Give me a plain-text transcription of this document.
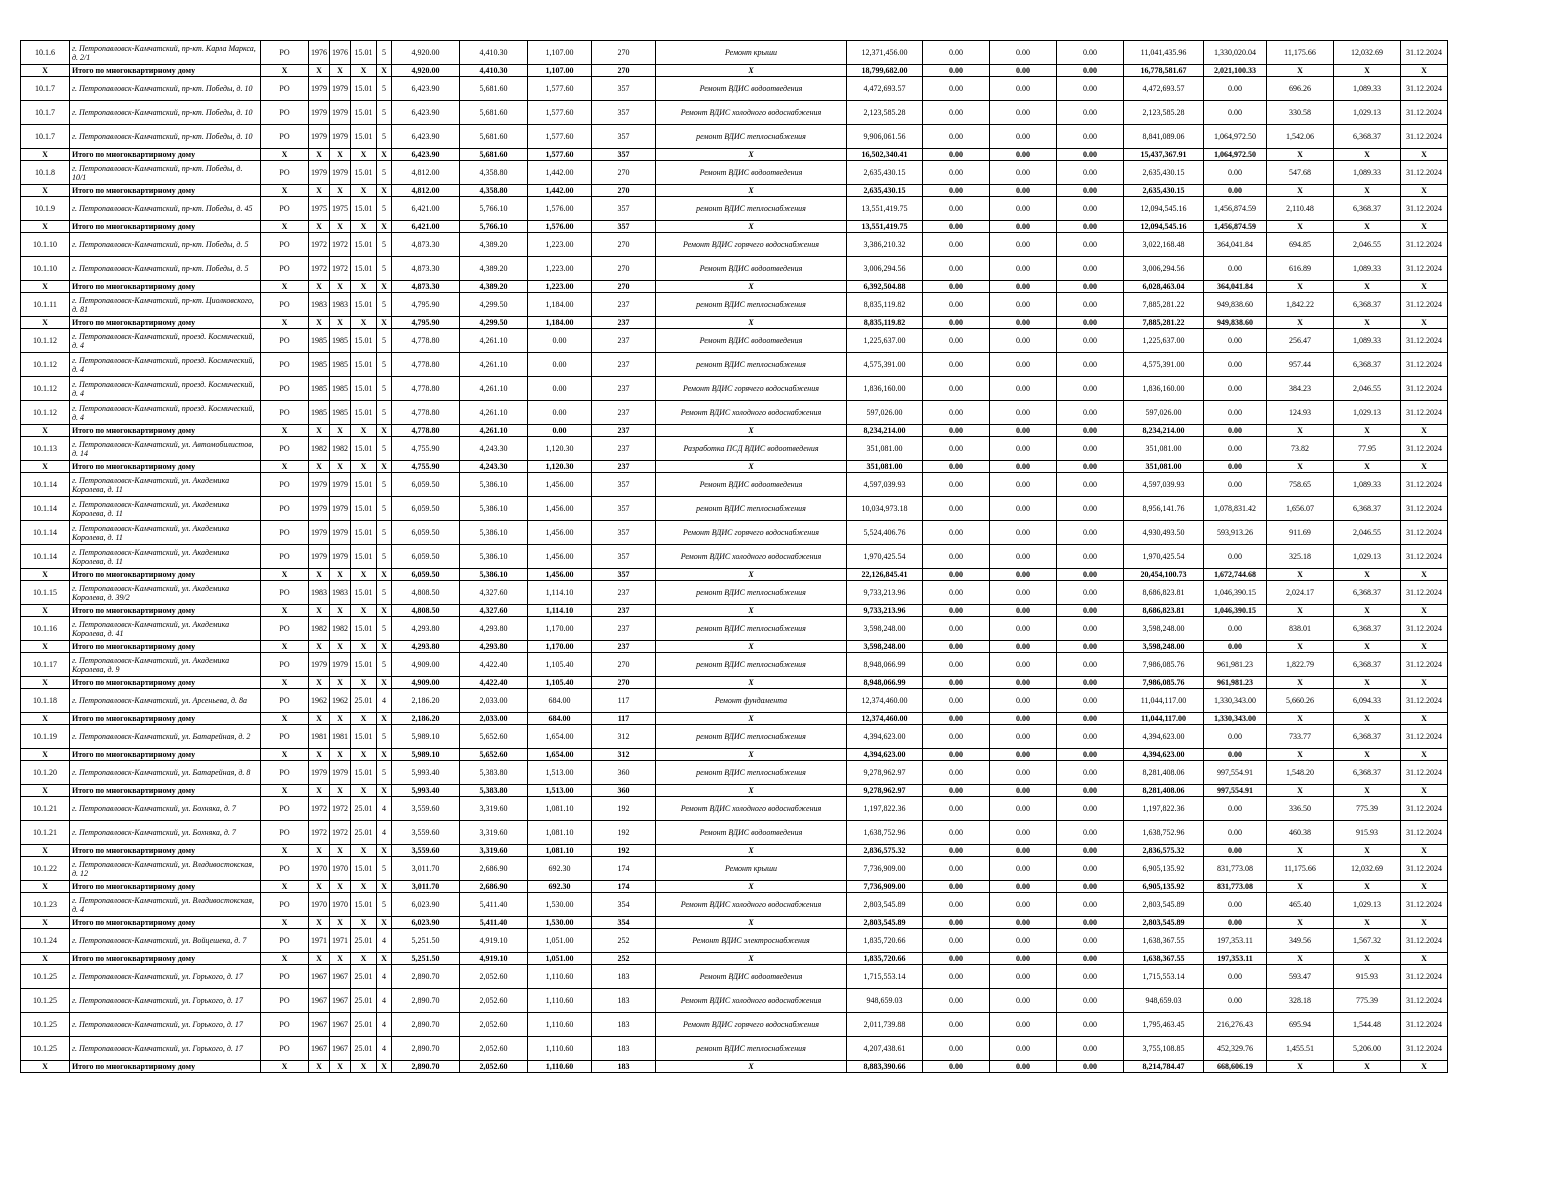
10.1.6	г. Петропавловск-Камчатский, пр-кт. Карла Маркса, д. 2/1	РО	1976	1976	15.01	5	4,920.00	4,410.30	1,107.00	270	Ремонт крыши	12,371,456.00	0.00	0.00	0.00	11,041,435.96	1,330,020.04	11,175.66	12,032.69	31.12.2024
X	Итого по многоквартирному дому	X	X	X	X	X	4,920.00	4,410.30	1,107.00	270	X	18,799,682.00	0.00	0.00	0.00	16,778,581.67	2,021,100.33	X	X	X
10.1.7	г. Петропавловск-Камчатский, пр-кт. Победы, д. 10	РО	1979	1979	15.01	5	6,423.90	5,681.60	1,577.60	357	Ремонт ВДИС водоотведения	4,472,693.57	0.00	0.00	0.00	4,472,693.57	0.00	696.26	1,089.33	31.12.2024
10.1.7	г. Петропавловск-Камчатский, пр-кт. Победы, д. 10	РО	1979	1979	15.01	5	6,423.90	5,681.60	1,577.60	357	Ремонт ВДИС холодного водоснабжения	2,123,585.28	0.00	0.00	0.00	2,123,585.28	0.00	330.58	1,029.13	31.12.2024
10.1.7	г. Петропавловск-Камчатский, пр-кт. Победы, д. 10	РО	1979	1979	15.01	5	6,423.90	5,681.60	1,577.60	357	ремонт ВДИС теплоснабжения	9,906,061.56	0.00	0.00	0.00	8,841,089.06	1,064,972.50	1,542.06	6,368.37	31.12.2024
X	Итого по многоквартирному дому	X	X	X	X	X	6,423.90	5,681.60	1,577.60	357	X	16,502,340.41	0.00	0.00	0.00	15,437,367.91	1,064,972.50	X	X	X
10.1.8	г. Петропавловск-Камчатский, пр-кт. Победы, д. 10/1	РО	1979	1979	15.01	5	4,812.00	4,358.80	1,442.00	270	Ремонт ВДИС водоотведения	2,635,430.15	0.00	0.00	0.00	2,635,430.15	0.00	547.68	1,089.33	31.12.2024
X	Итого по многоквартирному дому	X	X	X	X	X	4,812.00	4,358.80	1,442.00	270	X	2,635,430.15	0.00	0.00	0.00	2,635,430.15	0.00	X	X	X
10.1.9	г. Петропавловск-Камчатский, пр-кт. Победы, д. 45	РО	1975	1975	15.01	5	6,421.00	5,766.10	1,576.00	357	ремонт ВДИС теплоснабжения	13,551,419.75	0.00	0.00	0.00	12,094,545.16	1,456,874.59	2,110.48	6,368.37	31.12.2024
X	Итого по многоквартирному дому	X	X	X	X	X	6,421.00	5,766.10	1,576.00	357	X	13,551,419.75	0.00	0.00	0.00	12,094,545.16	1,456,874.59	X	X	X
10.1.10	г. Петропавловск-Камчатский, пр-кт. Победы, д. 5	РО	1972	1972	15.01	5	4,873.30	4,389.20	1,223.00	270	Ремонт ВДИС горячего водоснабжения	3,386,210.32	0.00	0.00	0.00	3,022,168.48	364,041.84	694.85	2,046.55	31.12.2024
10.1.10	г. Петропавловск-Камчатский, пр-кт. Победы, д. 5	РО	1972	1972	15.01	5	4,873.30	4,389.20	1,223.00	270	Ремонт ВДИС водоотведения	3,006,294.56	0.00	0.00	0.00	3,006,294.56	0.00	616.89	1,089.33	31.12.2024
X	Итого по многоквартирному дому	X	X	X	X	X	4,873.30	4,389.20	1,223.00	270	X	6,392,504.88	0.00	0.00	0.00	6,028,463.04	364,041.84	X	X	X
10.1.11	г. Петропавловск-Камчатский, пр-кт. Циолковского, д. 81	РО	1983	1983	15.01	5	4,795.90	4,299.50	1,184.00	237	ремонт ВДИС теплоснабжения	8,835,119.82	0.00	0.00	0.00	7,885,281.22	949,838.60	1,842.22	6,368.37	31.12.2024
X	Итого по многоквартирному дому	X	X	X	X	X	4,795.90	4,299.50	1,184.00	237	X	8,835,119.82	0.00	0.00	0.00	7,885,281.22	949,838.60	X	X	X
10.1.12	г. Петропавловск-Камчатский, проезд. Космический, д. 4	РО	1985	1985	15.01	5	4,778.80	4,261.10	0.00	237	Ремонт ВДИС водоотведения	1,225,637.00	0.00	0.00	0.00	1,225,637.00	0.00	256.47	1,089.33	31.12.2024
10.1.12	г. Петропавловск-Камчатский, проезд. Космический, д. 4	РО	1985	1985	15.01	5	4,778.80	4,261.10	0.00	237	ремонт ВДИС теплоснабжения	4,575,391.00	0.00	0.00	0.00	4,575,391.00	0.00	957.44	6,368.37	31.12.2024
10.1.12	г. Петропавловск-Камчатский, проезд. Космический, д. 4	РО	1985	1985	15.01	5	4,778.80	4,261.10	0.00	237	Ремонт ВДИС горячего водоснабжения	1,836,160.00	0.00	0.00	0.00	1,836,160.00	0.00	384.23	2,046.55	31.12.2024
10.1.12	г. Петропавловск-Камчатский, проезд. Космический, д. 4	РО	1985	1985	15.01	5	4,778.80	4,261.10	0.00	237	Ремонт ВДИС холодного водоснабжения	597,026.00	0.00	0.00	0.00	597,026.00	0.00	124.93	1,029.13	31.12.2024
X	Итого по многоквартирному дому	X	X	X	X	X	4,778.80	4,261.10	0.00	237	X	8,234,214.00	0.00	0.00	0.00	8,234,214.00	0.00	X	X	X
10.1.13	г. Петропавловск-Камчатский, ул. Автомобилистов, д. 14	РО	1982	1982	15.01	5	4,755.90	4,243.30	1,120.30	237	Разработка ПСД ВДИС водоотведения	351,081.00	0.00	0.00	0.00	351,081.00	0.00	73.82	77.95	31.12.2024
X	Итого по многоквартирному дому	X	X	X	X	X	4,755.90	4,243.30	1,120.30	237	X	351,081.00	0.00	0.00	0.00	351,081.00	0.00	X	X	X
10.1.14	г. Петропавловск-Камчатский, ул. Академика Королева, д. 11	РО	1979	1979	15.01	5	6,059.50	5,386.10	1,456.00	357	Ремонт ВДИС водоотведения	4,597,039.93	0.00	0.00	0.00	4,597,039.93	0.00	758.65	1,089.33	31.12.2024
10.1.14	г. Петропавловск-Камчатский, ул. Академика Королева, д. 11	РО	1979	1979	15.01	5	6,059.50	5,386.10	1,456.00	357	ремонт ВДИС теплоснабжения	10,034,973.18	0.00	0.00	0.00	8,956,141.76	1,078,831.42	1,656.07	6,368.37	31.12.2024
10.1.14	г. Петропавловск-Камчатский, ул. Академика Королева, д. 11	РО	1979	1979	15.01	5	6,059.50	5,386.10	1,456.00	357	Ремонт ВДИС горячего водоснабжения	5,524,406.76	0.00	0.00	0.00	4,930,493.50	593,913.26	911.69	2,046.55	31.12.2024
10.1.14	г. Петропавловск-Камчатский, ул. Академика Королева, д. 11	РО	1979	1979	15.01	5	6,059.50	5,386.10	1,456.00	357	Ремонт ВДИС холодного водоснабжения	1,970,425.54	0.00	0.00	0.00	1,970,425.54	0.00	325.18	1,029.13	31.12.2024
X	Итого по многоквартирному дому	X	X	X	X	X	6,059.50	5,386.10	1,456.00	357	X	22,126,845.41	0.00	0.00	0.00	20,454,100.73	1,672,744.68	X	X	X
10.1.15	г. Петропавловск-Камчатский, ул. Академика Королева, д. 39/2	РО	1983	1983	15.01	5	4,808.50	4,327.60	1,114.10	237	ремонт ВДИС теплоснабжения	9,733,213.96	0.00	0.00	0.00	8,686,823.81	1,046,390.15	2,024.17	6,368.37	31.12.2024
X	Итого по многоквартирному дому	X	X	X	X	X	4,808.50	4,327.60	1,114.10	237	X	9,733,213.96	0.00	0.00	0.00	8,686,823.81	1,046,390.15	X	X	X
10.1.16	г. Петропавловск-Камчатский, ул. Академика Королева, д. 41	РО	1982	1982	15.01	5	4,293.80	4,293.80	1,170.00	237	ремонт ВДИС теплоснабжения	3,598,248.00	0.00	0.00	0.00	3,598,248.00	0.00	838.01	6,368.37	31.12.2024
X	Итого по многоквартирному дому	X	X	X	X	X	4,293.80	4,293.80	1,170.00	237	X	3,598,248.00	0.00	0.00	0.00	3,598,248.00	0.00	X	X	X
10.1.17	г. Петропавловск-Камчатский, ул. Академика Королева, д. 9	РО	1979	1979	15.01	5	4,909.00	4,422.40	1,105.40	270	ремонт ВДИС теплоснабжения	8,948,066.99	0.00	0.00	0.00	7,986,085.76	961,981.23	1,822.79	6,368.37	31.12.2024
X	Итого по многоквартирному дому	X	X	X	X	X	4,909.00	4,422.40	1,105.40	270	X	8,948,066.99	0.00	0.00	0.00	7,986,085.76	961,981.23	X	X	X
10.1.18	г. Петропавловск-Камчатский, ул. Арсеньева, д. 8а	РО	1962	1962	25.01	4	2,186.20	2,033.00	684.00	117	Ремонт фундамента	12,374,460.00	0.00	0.00	0.00	11,044,117.00	1,330,343.00	5,660.26	6,094.33	31.12.2024
X	Итого по многоквартирному дому	X	X	X	X	X	2,186.20	2,033.00	684.00	117	X	12,374,460.00	0.00	0.00	0.00	11,044,117.00	1,330,343.00	X	X	X
10.1.19	г. Петропавловск-Камчатский, ул. Батарейная, д. 2	РО	1981	1981	15.01	5	5,989.10	5,652.60	1,654.00	312	ремонт ВДИС теплоснабжения	4,394,623.00	0.00	0.00	0.00	4,394,623.00	0.00	733.77	6,368.37	31.12.2024
X	Итого по многоквартирному дому	X	X	X	X	X	5,989.10	5,652.60	1,654.00	312	X	4,394,623.00	0.00	0.00	0.00	4,394,623.00	0.00	X	X	X
10.1.20	г. Петропавловск-Камчатский, ул. Батарейная, д. 8	РО	1979	1979	15.01	5	5,993.40	5,383.80	1,513.00	360	ремонт ВДИС теплоснабжения	9,278,962.97	0.00	0.00	0.00	8,281,408.06	997,554.91	1,548.20	6,368.37	31.12.2024
X	Итого по многоквартирному дому	X	X	X	X	X	5,993.40	5,383.80	1,513.00	360	X	9,278,962.97	0.00	0.00	0.00	8,281,408.06	997,554.91	X	X	X
10.1.21	г. Петропавловск-Камчатский, ул. Бохняка, д. 7	РО	1972	1972	25.01	4	3,559.60	3,319.60	1,081.10	192	Ремонт ВДИС холодного водоснабжения	1,197,822.36	0.00	0.00	0.00	1,197,822.36	0.00	336.50	775.39	31.12.2024
10.1.21	г. Петропавловск-Камчатский, ул. Бохняка, д. 7	РО	1972	1972	25.01	4	3,559.60	3,319.60	1,081.10	192	Ремонт ВДИС водоотведения	1,638,752.96	0.00	0.00	0.00	1,638,752.96	0.00	460.38	915.93	31.12.2024
X	Итого по многоквартирному дому	X	X	X	X	X	3,559.60	3,319.60	1,081.10	192	X	2,836,575.32	0.00	0.00	0.00	2,836,575.32	0.00	X	X	X
10.1.22	г. Петропавловск-Камчатский, ул. Владивостокская, д. 12	РО	1970	1970	15.01	5	3,011.70	2,686.90	692.30	174	Ремонт крыши	7,736,909.00	0.00	0.00	0.00	6,905,135.92	831,773.08	11,175.66	12,032.69	31.12.2024
X	Итого по многоквартирному дому	X	X	X	X	X	3,011.70	2,686.90	692.30	174	X	7,736,909.00	0.00	0.00	0.00	6,905,135.92	831,773.08	X	X	X
10.1.23	г. Петропавловск-Камчатский, ул. Владивостокская, д. 4	РО	1970	1970	15.01	5	6,023.90	5,411.40	1,530.00	354	Ремонт ВДИС холодного водоснабжения	2,803,545.89	0.00	0.00	0.00	2,803,545.89	0.00	465.40	1,029.13	31.12.2024
X	Итого по многоквартирному дому	X	X	X	X	X	6,023.90	5,411.40	1,530.00	354	X	2,803,545.89	0.00	0.00	0.00	2,803,545.89	0.00	X	X	X
10.1.24	г. Петропавловск-Камчатский, ул. Войцешека, д. 7	РО	1971	1971	25.01	4	5,251.50	4,919.10	1,051.00	252	Ремонт ВДИС электроснабжения	1,835,720.66	0.00	0.00	0.00	1,638,367.55	197,353.11	349.56	1,567.32	31.12.2024
X	Итого по многоквартирному дому	X	X	X	X	X	5,251.50	4,919.10	1,051.00	252	X	1,835,720.66	0.00	0.00	0.00	1,638,367.55	197,353.11	X	X	X
10.1.25	г. Петропавловск-Камчатский, ул. Горького, д. 17	РО	1967	1967	25.01	4	2,890.70	2,052.60	1,110.60	183	Ремонт ВДИС водоотведения	1,715,553.14	0.00	0.00	0.00	1,715,553.14	0.00	593.47	915.93	31.12.2024
10.1.25	г. Петропавловск-Камчатский, ул. Горького, д. 17	РО	1967	1967	25.01	4	2,890.70	2,052.60	1,110.60	183	Ремонт ВДИС холодного водоснабжения	948,659.03	0.00	0.00	0.00	948,659.03	0.00	328.18	775.39	31.12.2024
10.1.25	г. Петропавловск-Камчатский, ул. Горького, д. 17	РО	1967	1967	25.01	4	2,890.70	2,052.60	1,110.60	183	Ремонт ВДИС горячего водоснабжения	2,011,739.88	0.00	0.00	0.00	1,795,463.45	216,276.43	695.94	1,544.48	31.12.2024
10.1.25	г. Петропавловск-Камчатский, ул. Горького, д. 17	РО	1967	1967	25.01	4	2,890.70	2,052.60	1,110.60	183	ремонт ВДИС теплоснабжения	4,207,438.61	0.00	0.00	0.00	3,755,108.85	452,329.76	1,455.51	5,206.00	31.12.2024
X	Итого по многоквартирному дому	X	X	X	X	X	2,890.70	2,052.60	1,110.60	183	X	8,883,390.66	0.00	0.00	0.00	8,214,784.47	668,606.19	X	X	X
